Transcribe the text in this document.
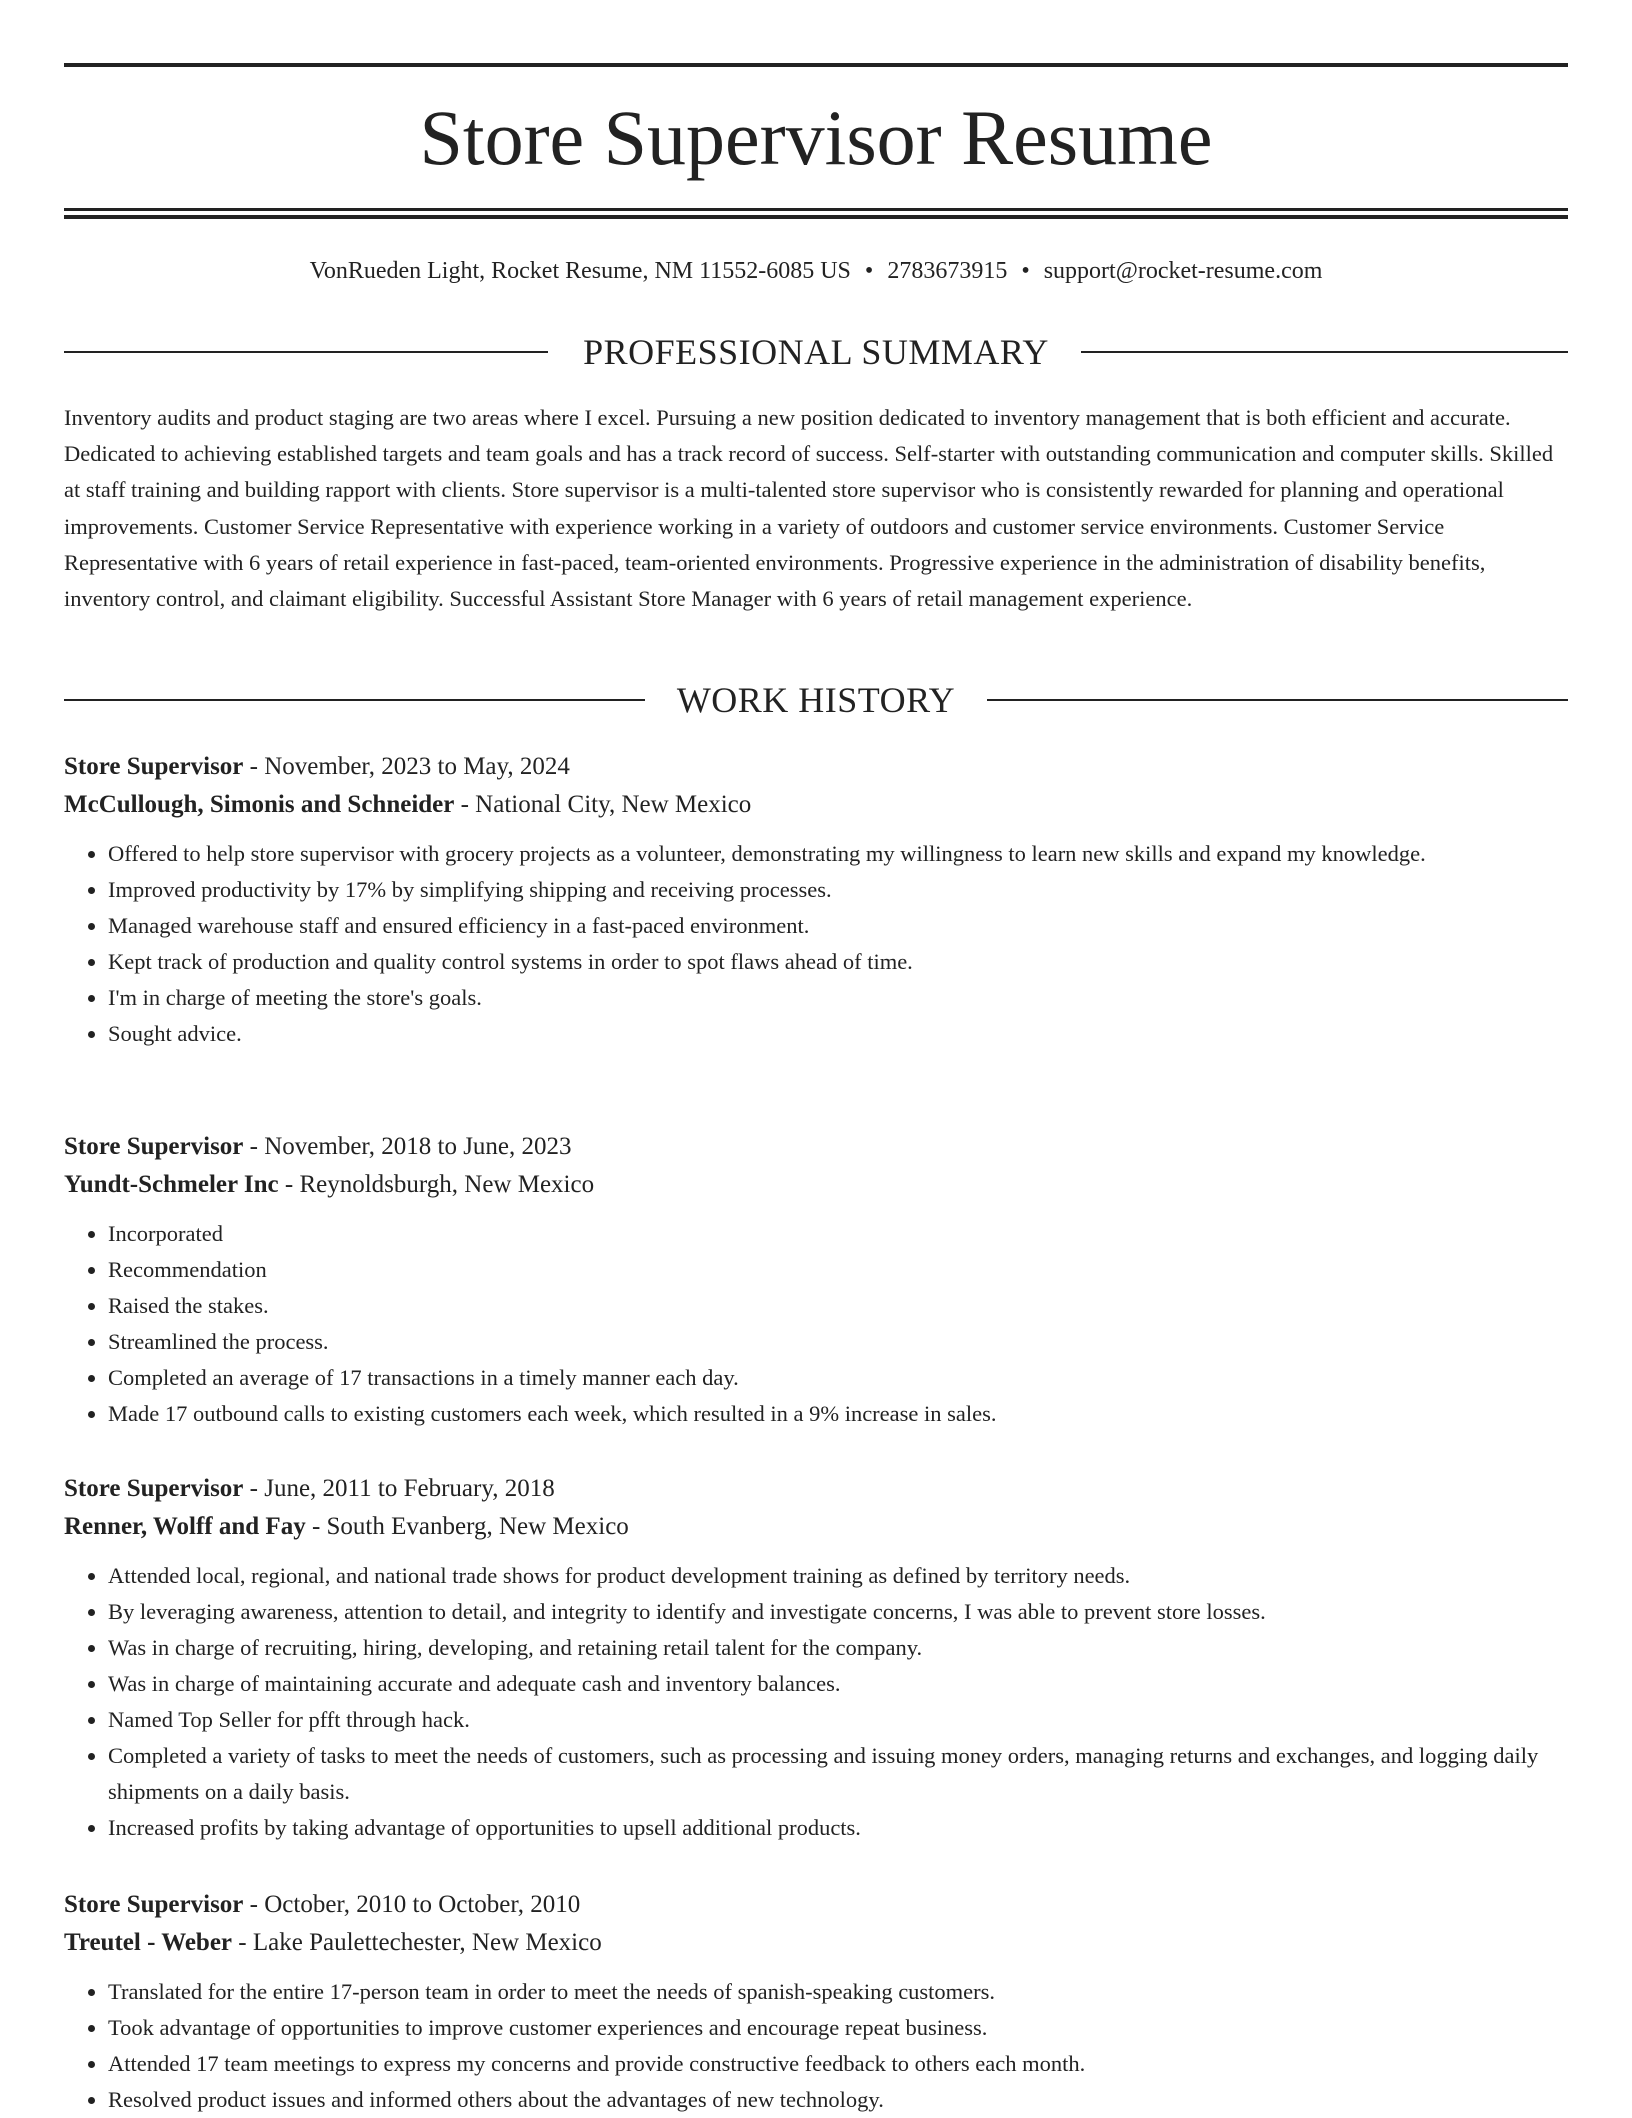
Store Supervisor Resume
VonRueden Light, Rocket Resume, NM 11552-6085 US • 2783673915 • support@rocket-resume.com
PROFESSIONAL SUMMARY

Inventory audits and product staging are two areas where I excel. Pursuing a new position dedicated to inventory management that is both efficient and accurate. Dedicated to achieving established targets and team goals and has a track record of success. Self-starter with outstanding communication and computer skills. Skilled at staff training and building rapport with clients. Store supervisor is a multi-talented store supervisor who is consistently rewarded for planning and operational improvements. Customer Service Representative with experience working in a variety of outdoors and customer service environments. Customer Service Representative with 6 years of retail experience in fast-paced, team-oriented environments. Progressive experience in the administration of disability benefits, inventory control, and claimant eligibility. Successful Assistant Store Manager with 6 years of retail management experience.

WORK HISTORY

Store Supervisor - November, 2023 to May, 2024

McCullough, Simonis and Schneider - National City, New Mexico

• Offered to help store supervisor with grocery projects as a volunteer, demonstrating my willingness to learn new skills and expand my knowledge.
• Improved productivity by 17% by simplifying shipping and receiving processes.
• Managed warehouse staff and ensured efficiency in a fast-paced environment.
• Kept track of production and quality control systems in order to spot flaws ahead of time.
• I'm in charge of meeting the store's goals.
• Sought advice.

Store Supervisor - November, 2018 to June, 2023

Yundt-Schmeler Inc - Reynoldsburgh, New Mexico

• Incorporated
• Recommendation
• Raised the stakes.
• Streamlined the process.
• Completed an average of 17 transactions in a timely manner each day.
• Made 17 outbound calls to existing customers each week, which resulted in a 9% increase in sales.

Store Supervisor - June, 2011 to February, 2018

Renner, Wolff and Fay - South Evanberg, New Mexico

• Attended local, regional, and national trade shows for product development training as defined by territory needs.
• By leveraging awareness, attention to detail, and integrity to identify and investigate concerns, I was able to prevent store losses.
• Was in charge of recruiting, hiring, developing, and retaining retail talent for the company.
• Was in charge of maintaining accurate and adequate cash and inventory balances.
• Named Top Seller for pfft through hack.
• Completed a variety of tasks to meet the needs of customers, such as processing and issuing money orders, managing returns and exchanges, and logging daily shipments on a daily basis.
• Increased profits by taking advantage of opportunities to upsell additional products.

Store Supervisor - October, 2010 to October, 2010

Treutel - Weber - Lake Paulettechester, New Mexico

• Translated for the entire 17-person team in order to meet the needs of spanish-speaking customers.
• Took advantage of opportunities to improve customer experiences and encourage repeat business.
• Attended 17 team meetings to express my concerns and provide constructive feedback to others each month.
• Resolved product issues and informed others about the advantages of new technology.
